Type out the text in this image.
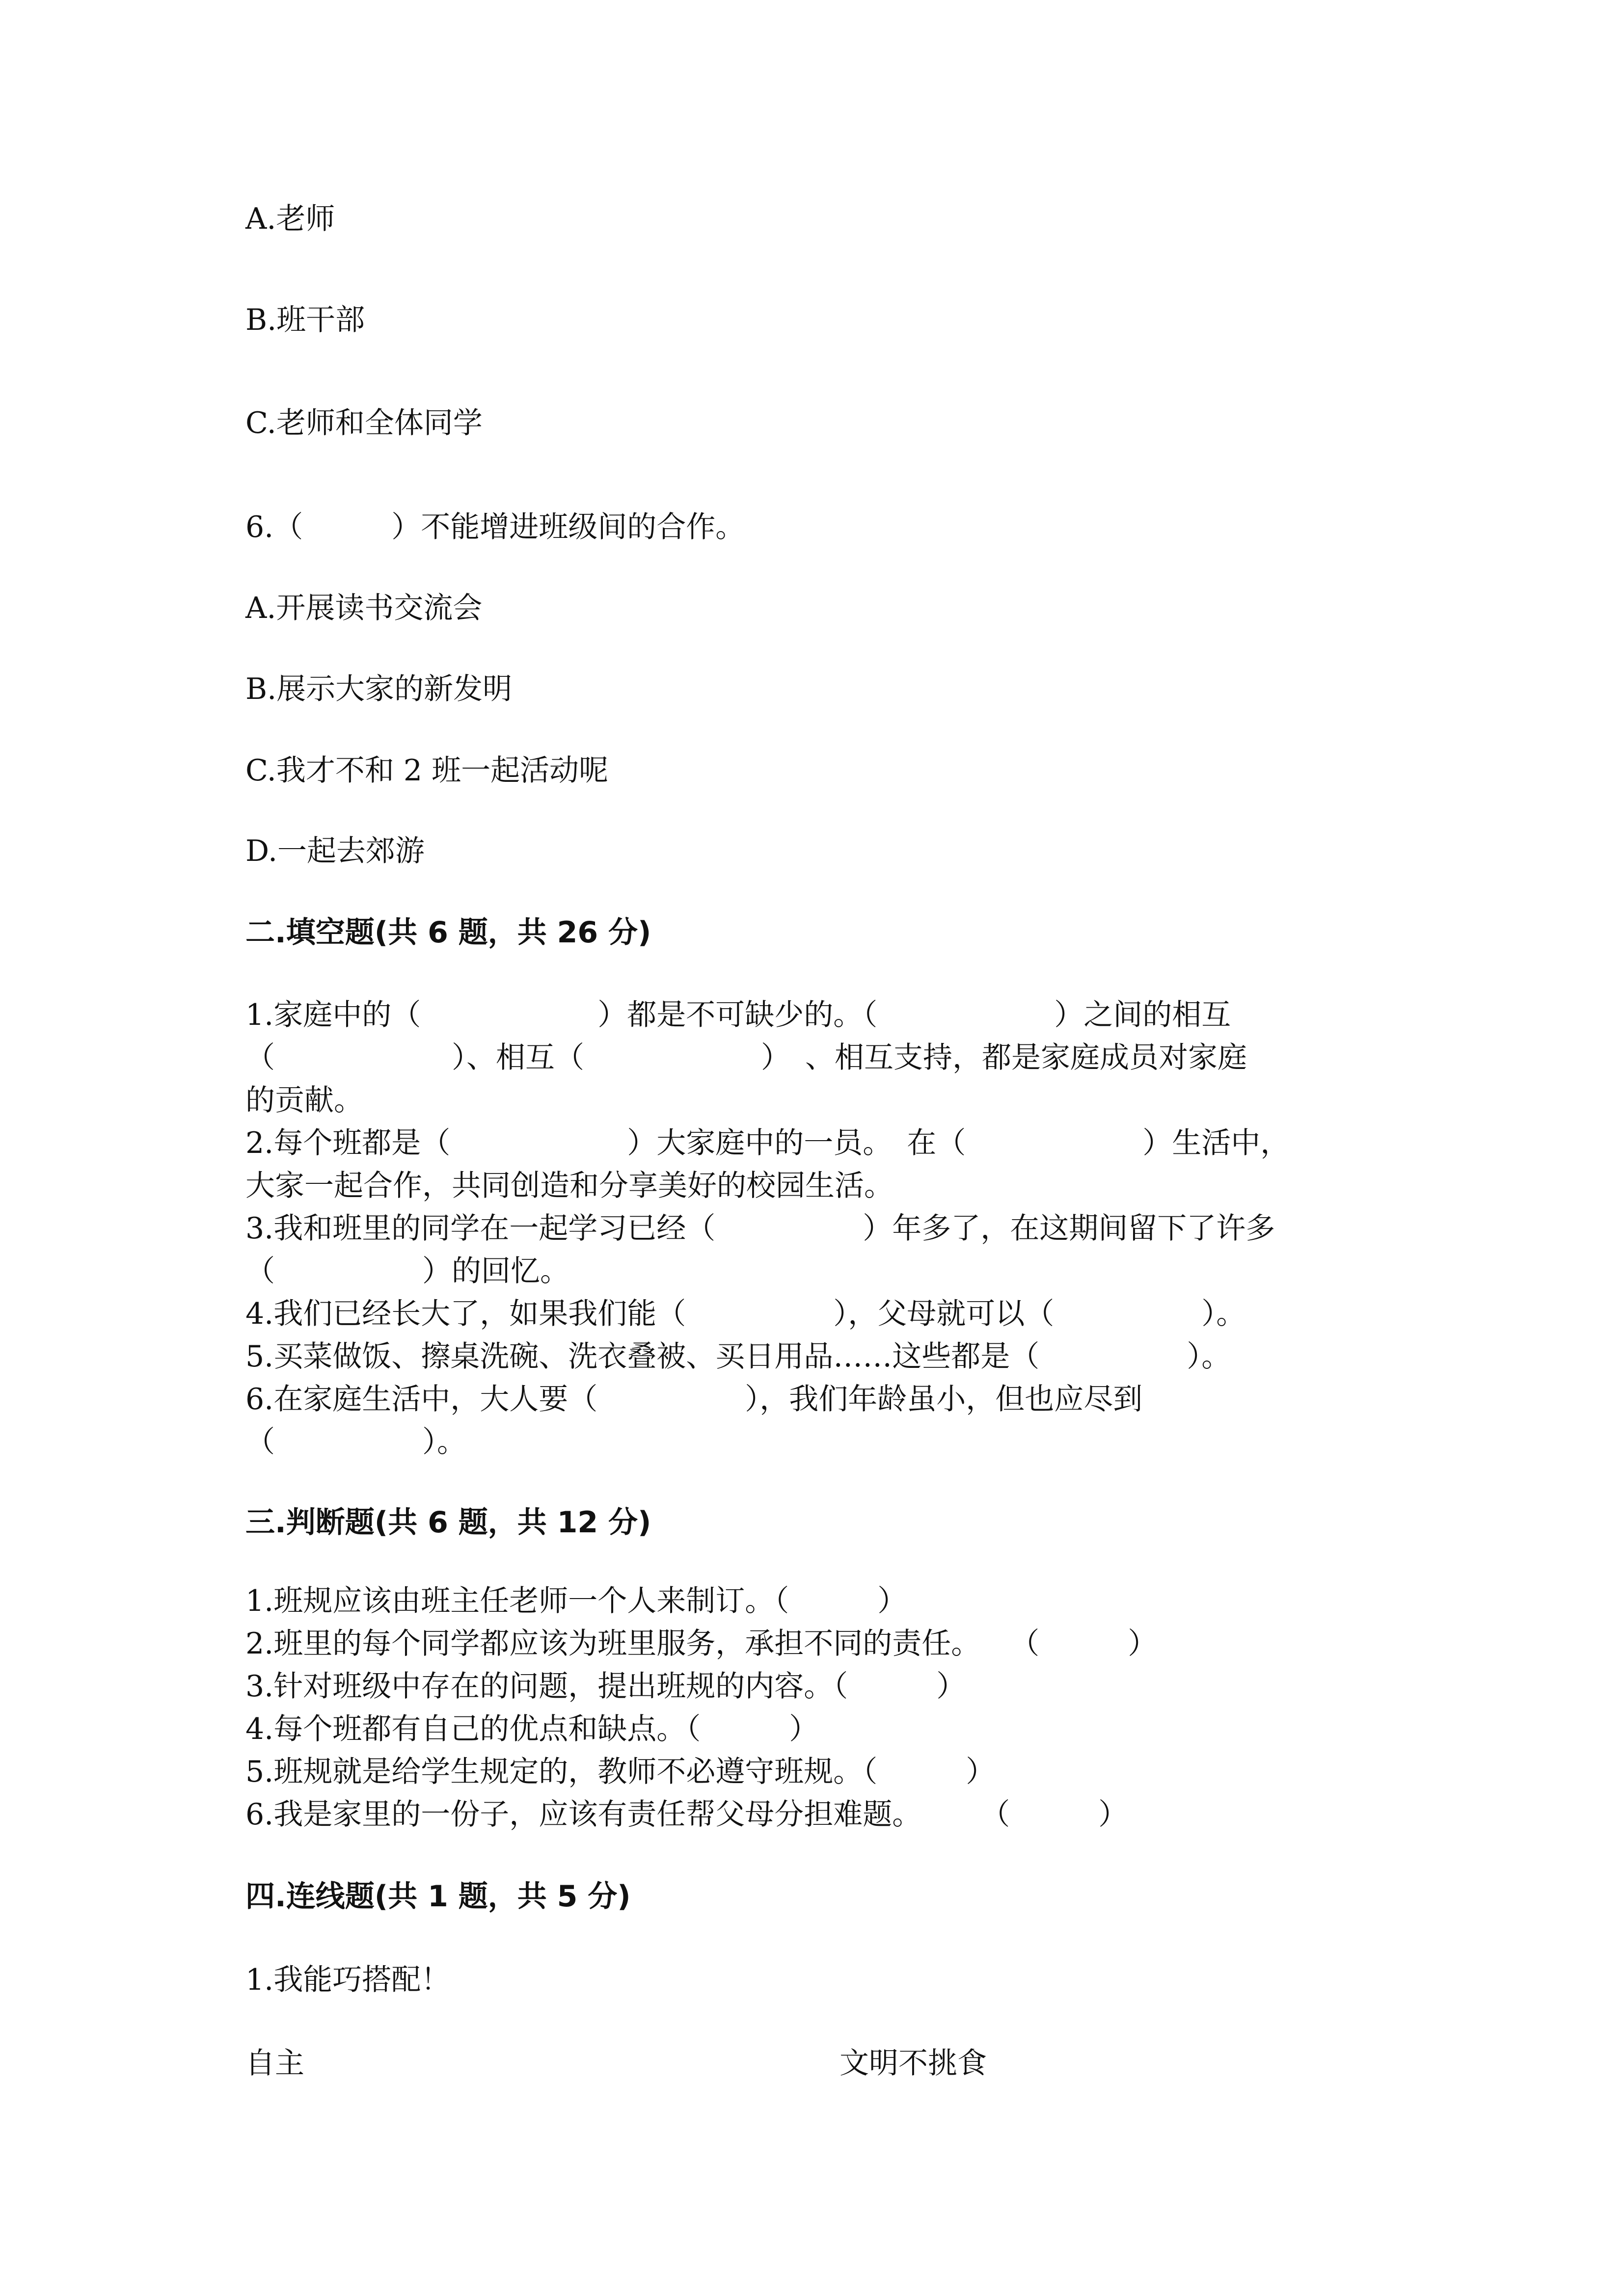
A.老师

B.班干部

C.老师和全体同学

6.（　　　）不能增进班级间的合作。

A.开展读书交流会

B.展示大家的新发明

C.我才不和 2 班一起活动呢

D.一起去郊游

二.填空题(共 6 题，共 26 分)

1.家庭中的（　　　　　　）都是不可缺少的。（　　　　　　）之间的相互

（　　　　　　）、相互（　　　　　　）　、相互支持，都是家庭成员对家庭

的贡献。

2.每个班都是（　　　　　　）大家庭中的一员。　在（　　　　　　）生活中，

大家一起合作，共同创造和分享美好的校园生活。

3.我和班里的同学在一起学习已经（　　　　　）年多了，在这期间留下了许多

（　　　　　）的回忆。

4.我们已经长大了，如果我们能（　　　　　），父母就可以（　　　　　）。

5.买菜做饭、擦桌洗碗、洗衣叠被、买日用品……这些都是（　　　　　）。

6.在家庭生活中，大人要（　　　　　），我们年龄虽小，但也应尽到

（　　　　　）。

三.判断题(共 6 题，共 12 分)

1.班规应该由班主任老师一个人来制订。（　　　）

2.班里的每个同学都应该为班里服务，承担不同的责任。　　（　　　）

3.针对班级中存在的问题，提出班规的内容。（　　　）

4.每个班都有自己的优点和缺点。（　　　）

5.班规就是给学生规定的，教师不必遵守班规。（　　　）

6.我是家里的一份子，应该有责任帮父母分担难题。　　　（　　　）

四.连线题(共 1 题，共 5 分)

1.我能巧搭配！

自主	文明不挑食
